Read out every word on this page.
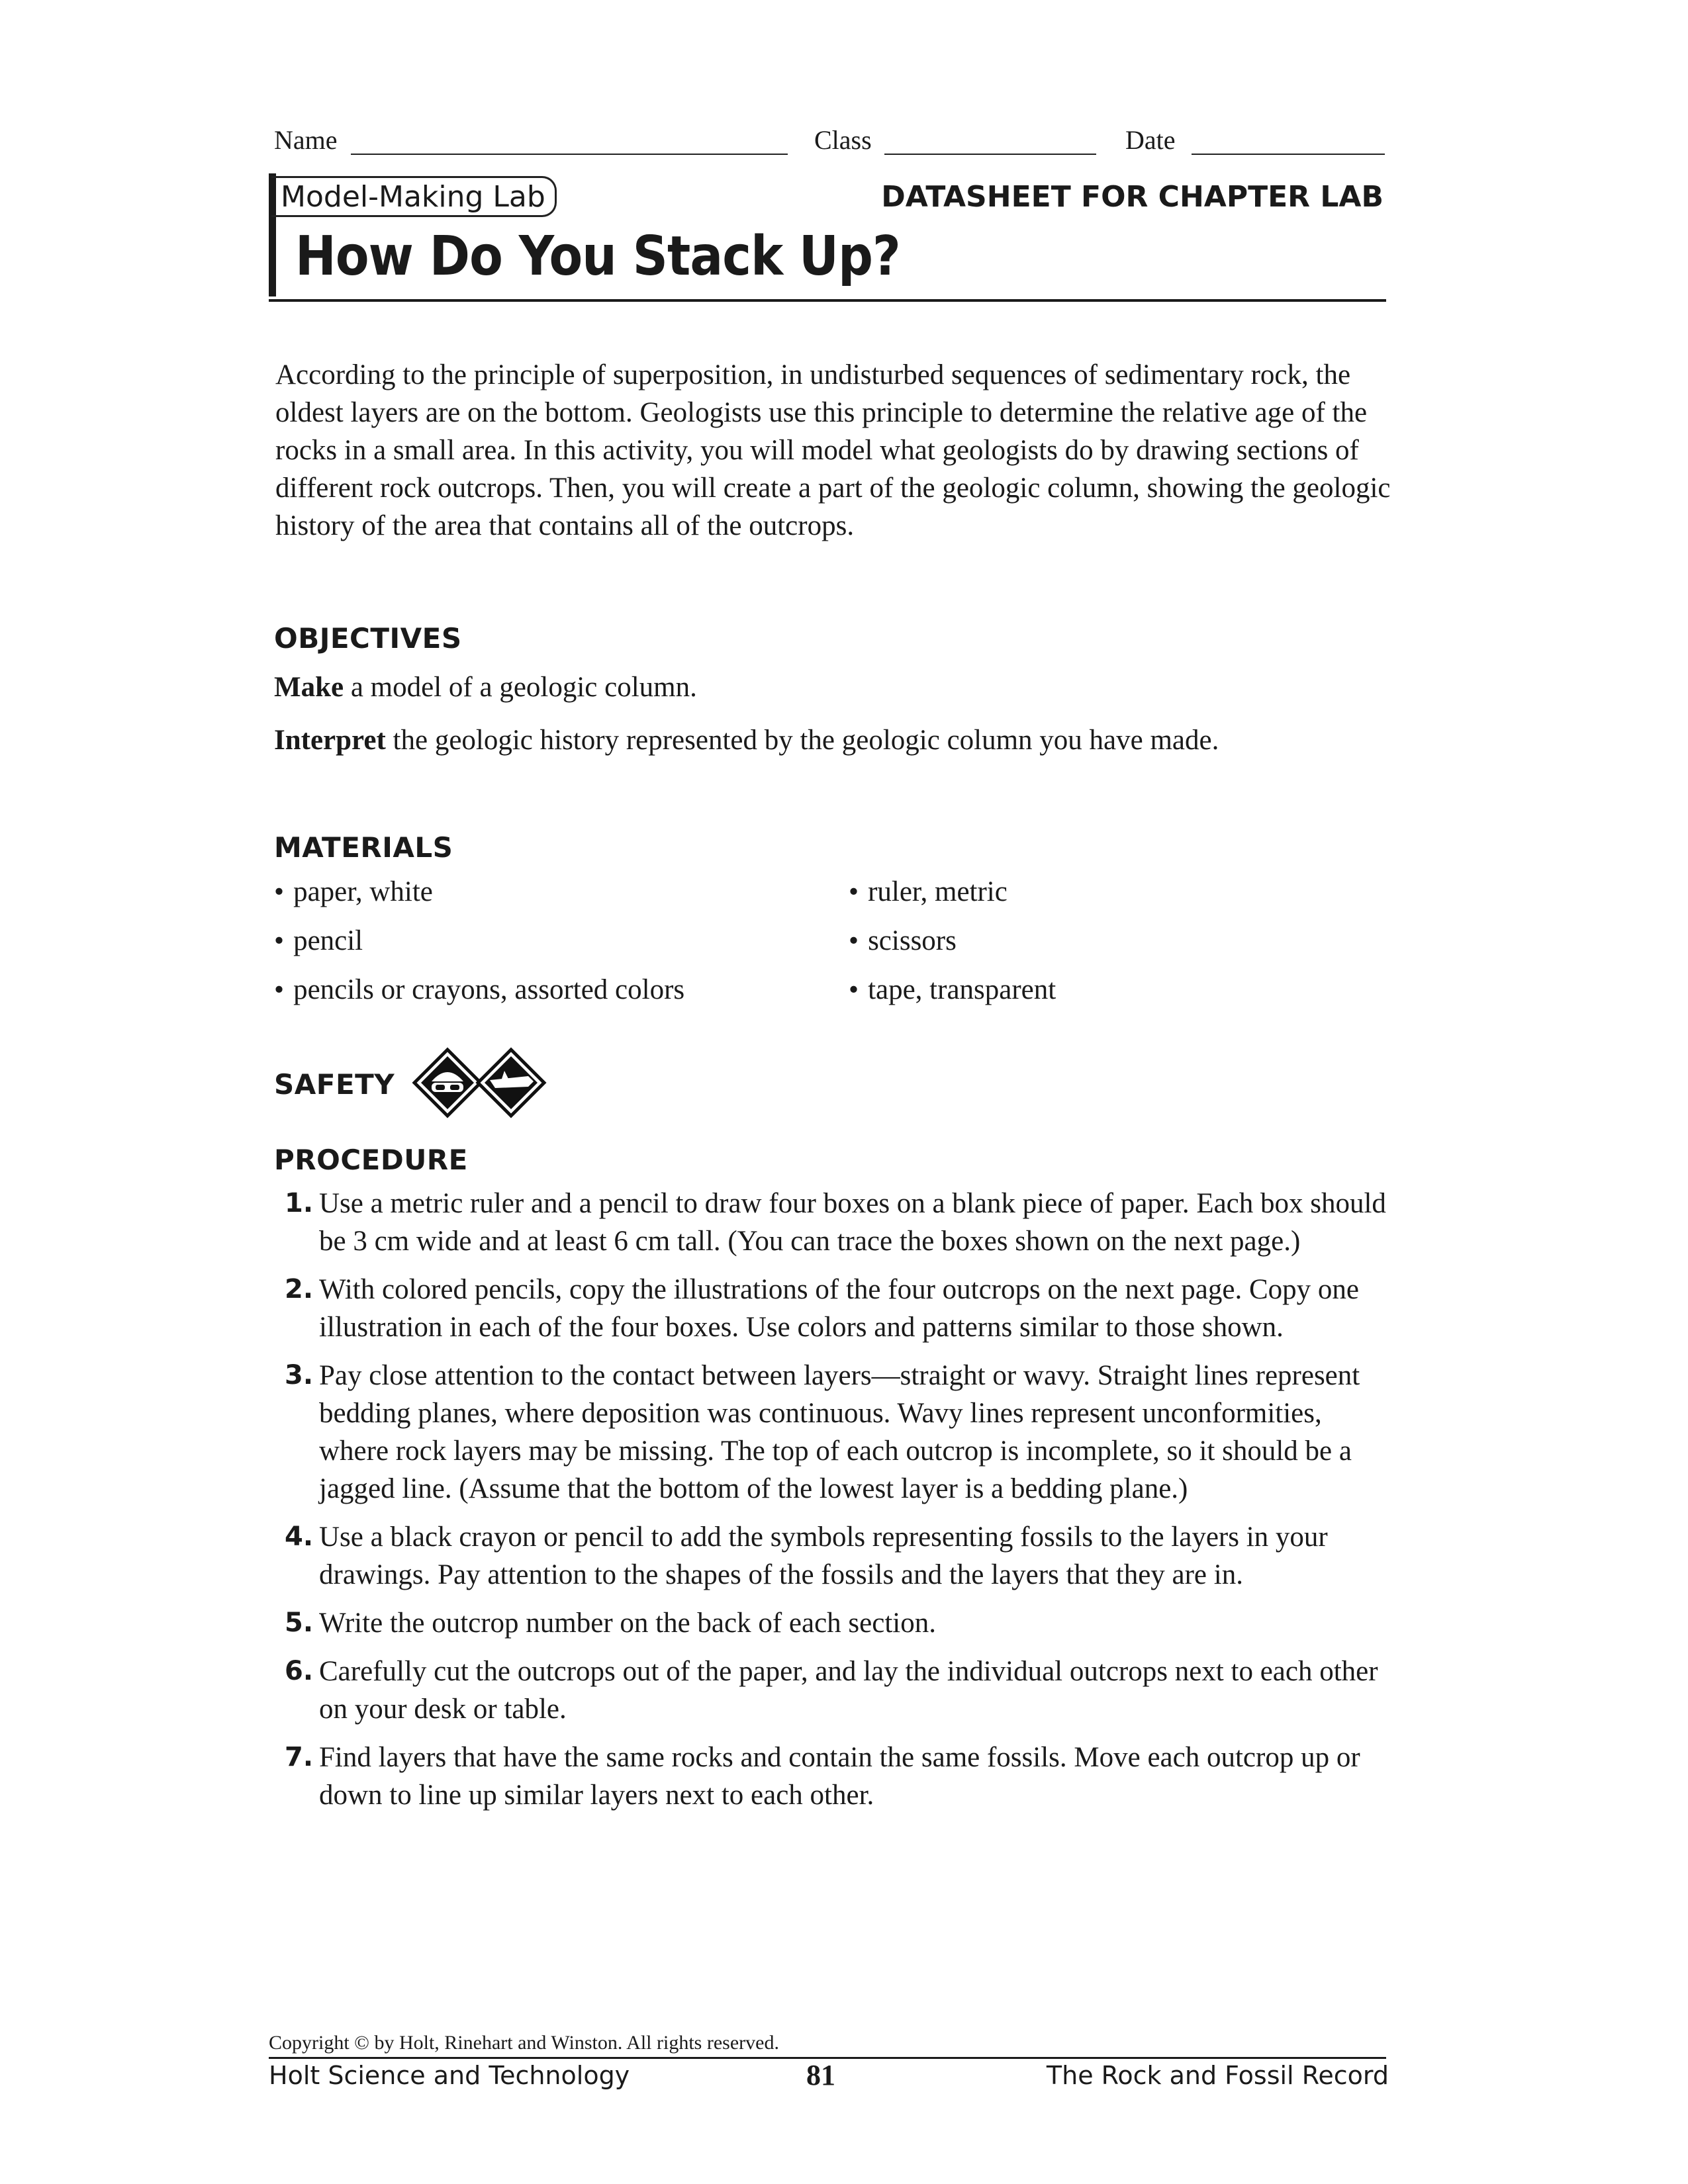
Name	Class	Date
Model-Making Lab	DATASHEET FOR CHAPTER LAB
How Do You Stack Up?
According to the principle of superposition, in undisturbed sequences of sedimentary rock, the oldest layers are on the bottom. Geologists use this principle to determine the relative age of the rocks in a small area. In this activity, you will model what geologists do by drawing sections of different rock outcrops. Then, you will create a part of the geologic column, showing the geologic history of the area that contains all of the outcrops.
OBJECTIVES
Make a model of a geologic column.
Interpret the geologic history represented by the geologic column you have made.
MATERIALS
• paper, white
• pencil
• pencils or crayons, assorted colors
• ruler, metric
• scissors
• tape, transparent
SAFETY
PROCEDURE
1. Use a metric ruler and a pencil to draw four boxes on a blank piece of paper. Each box should be 3 cm wide and at least 6 cm tall. (You can trace the boxes shown on the next page.)
2. With colored pencils, copy the illustrations of the four outcrops on the next page. Copy one illustration in each of the four boxes. Use colors and patterns similar to those shown.
3. Pay close attention to the contact between layers—straight or wavy. Straight lines represent bedding planes, where deposition was continuous. Wavy lines represent unconformities, where rock layers may be missing. The top of each outcrop is incomplete, so it should be a jagged line. (Assume that the bottom of the lowest layer is a bedding plane.)
4. Use a black crayon or pencil to add the symbols representing fossils to the layers in your drawings. Pay attention to the shapes of the fossils and the layers that they are in.
5. Write the outcrop number on the back of each section.
6. Carefully cut the outcrops out of the paper, and lay the individual outcrops next to each other on your desk or table.
7. Find layers that have the same rocks and contain the same fossils. Move each outcrop up or down to line up similar layers next to each other.
Copyright © by Holt, Rinehart and Winston. All rights reserved.
Holt Science and Technology	81	The Rock and Fossil Record
